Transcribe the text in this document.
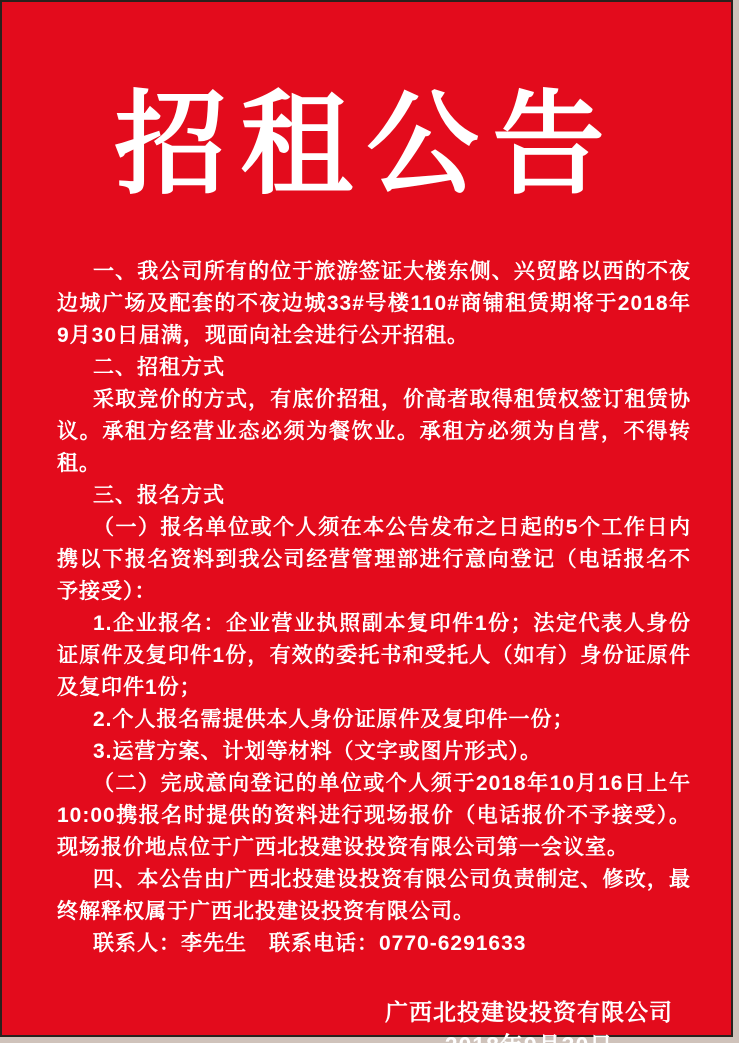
招租公告

一、我公司所有的位于旅游签证大楼东侧、兴贸路以西的不夜边城广场及配套的不夜边城33#号楼110#商铺租赁期将于2018年9月30日届满，现面向社会进行公开招租。

二、招租方式

采取竞价的方式，有底价招租，价高者取得租赁权签订租赁协议。承租方经营业态必须为餐饮业。承租方必须为自营，不得转租。

三、报名方式

（一）报名单位或个人须在本公告发布之日起的5个工作日内携以下报名资料到我公司经营管理部进行意向登记（电话报名不予接受）：

1.企业报名：企业营业执照副本复印件1份；法定代表人身份证原件及复印件1份，有效的委托书和受托人（如有）身份证原件及复印件1份；

2.个人报名需提供本人身份证原件及复印件一份；

3.运营方案、计划等材料（文字或图片形式）。

（二）完成意向登记的单位或个人须于2018年10月16日上午10:00携报名时提供的资料进行现场报价（电话报价不予接受）。现场报价地点位于广西北投建设投资有限公司第一会议室。

四、本公告由广西北投建设投资有限公司负责制定、修改，最终解释权属于广西北投建设投资有限公司。

联系人：李先生　联系电话：0770-6291633

广西北投建设投资有限公司

2018年9月30日
